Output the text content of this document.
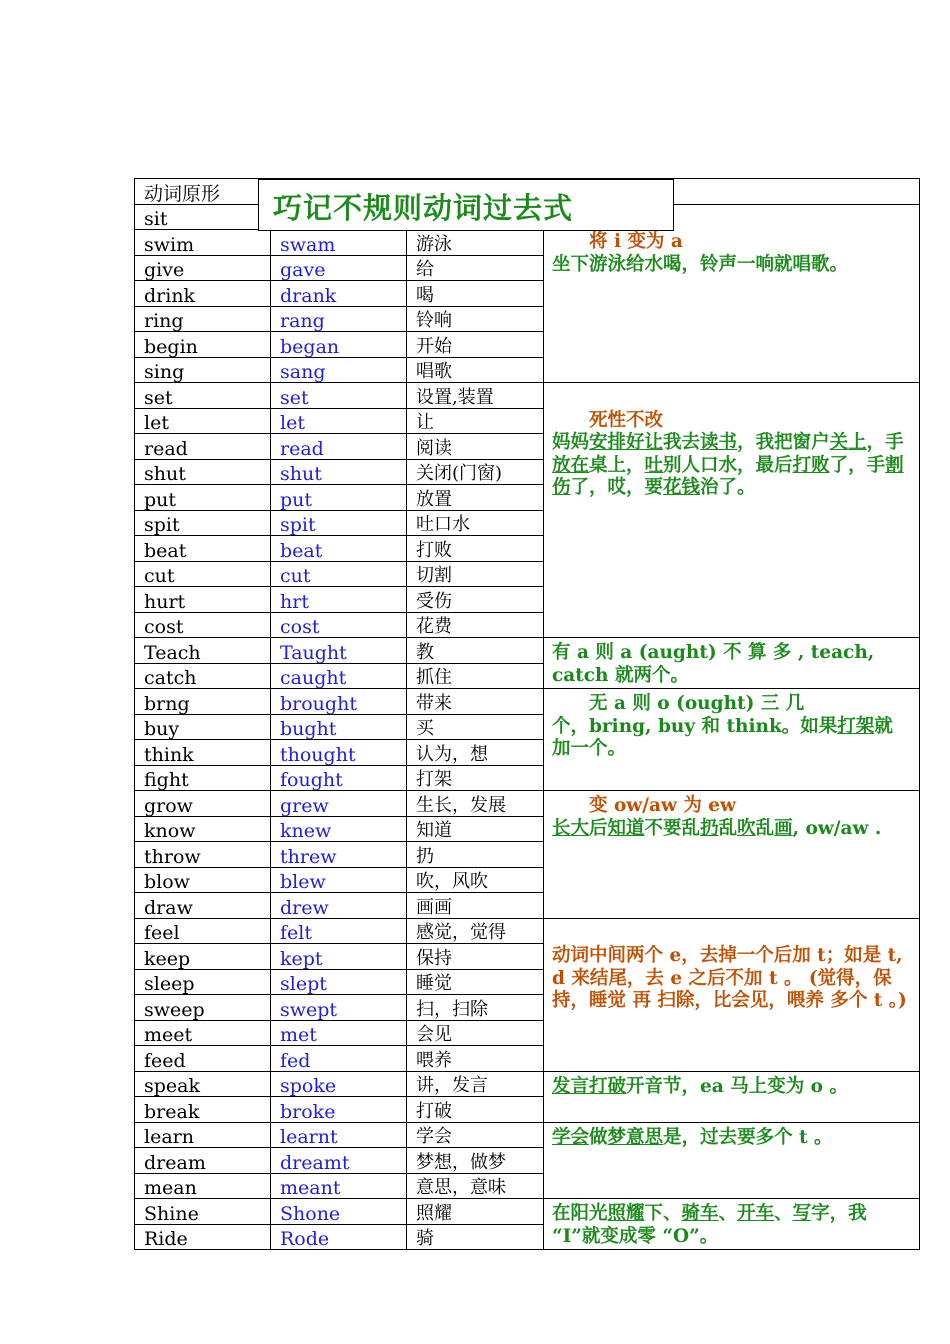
动词原形			
sit			将 i 变为 a
坐下游泳给水喝，铃声一响就唱歌。
swim	swam	游泳	
give	gave	给	
drink	drank	喝	
ring	rang	铃响	
begin	began	开始	
sing	sang	唱歌	
set	set	设置,装置	死性不改
妈妈安排好让我去读书，我把窗户关上，手放在桌上，吐别人口水，最后打败了，手割伤了，哎，要花钱治了。
let	let	让	
read	read	阅读	
shut	shut	关闭(门窗)	
put	put	放置	
spit	spit	吐口水	
beat	beat	打败	
cut	cut	切割	
hurt	hrt	受伤	
cost	cost	花费	
Teach	Taught	教	有 a 则 a (aught) 不 算 多 , teach, catch 就两个。
catch	caught	抓住	
brng	brought	带来	无 a 则 o (ought) 三 几
个，bring, buy 和 think。如果打架就加一个。
buy	bught	买	
think	thought	认为，想	
fight	fought	打架	
grow	grew	生长，发展	变 ow/aw 为 ew
长大后知道不要乱扔乱吹乱画, ow/aw .
know	knew	知道	
throw	threw	扔	
blow	blew	吹，风吹	
draw	drew	画画	
feel	felt	感觉，觉得	动词中间两个 e，去掉一个后加 t；如是 t, d 来结尾，去 e 之后不加 t 。 (觉得，保持，睡觉 再 扫除，比会见，喂养 多个 t 。)
keep	kept	保持	
sleep	slept	睡觉	
sweep	swept	扫，扫除	
meet	met	会见	
feed	fed	喂养	
speak	spoke	讲，发言	发言打破开音节，ea 马上变为 o 。
break	broke	打破	
learn	learnt	学会	学会做梦意思是，过去要多个 t 。
dream	dreamt	梦想，做梦	
mean	meant	意思，意味	
Shine	Shone	照耀	在阳光照耀下、骑车、开车、写字，我 “I”就变成零 “O”。
Ride	Rode	骑	
巧记不规则动词过去式
